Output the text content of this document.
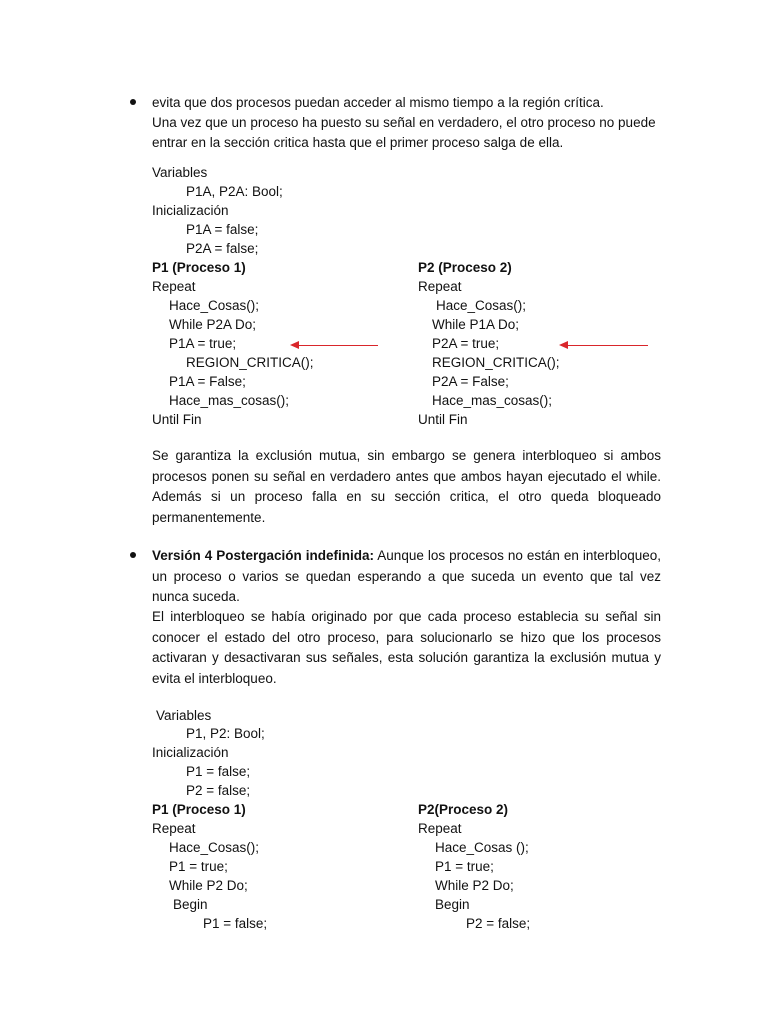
evita que dos procesos puedan acceder al mismo tiempo a la región crítica.
Una vez que un proceso ha puesto su señal en verdadero, el otro proceso no puede
entrar en la sección critica hasta que el primer proceso salga de ella.
Variables
P1A, P2A: Bool;
Inicialización
P1A = false;
P2A = false;
P1 (Proceso 1)
Repeat
Hace_Cosas();
While P2A Do;
P1A = true;
REGION_CRITICA();
P1A = False;
Hace_mas_cosas();
Until Fin
P2 (Proceso 2)
Repeat
Hace_Cosas();
While P1A Do;
P2A = true;
REGION_CRITICA();
P2A = False;
Hace_mas_cosas();
Until Fin
Se garantiza la exclusión mutua, sin embargo se genera interbloqueo si ambos procesos ponen su señal en verdadero antes que ambos hayan ejecutado el while. Además si un proceso falla en su sección critica, el otro queda bloqueado permanentemente.
Versión 4 Postergación indefinida: Aunque los procesos no están en interbloqueo, un proceso o varios se quedan esperando a que suceda un evento que tal vez nunca suceda.
El interbloqueo se había originado por que cada proceso establecia su señal sin conocer el estado del otro proceso, para solucionarlo se hizo que los procesos activaran y desactivaran sus señales, esta solución garantiza la exclusión mutua y evita el interbloqueo.
Variables
P1, P2: Bool;
Inicialización
P1 = false;
P2 = false;
P1 (Proceso 1)
Repeat
Hace_Cosas();
P1 = true;
While P2 Do;
Begin
P1 = false;
P2(Proceso 2)
Repeat
Hace_Cosas ();
P1 = true;
While P2 Do;
Begin
P2 = false;
